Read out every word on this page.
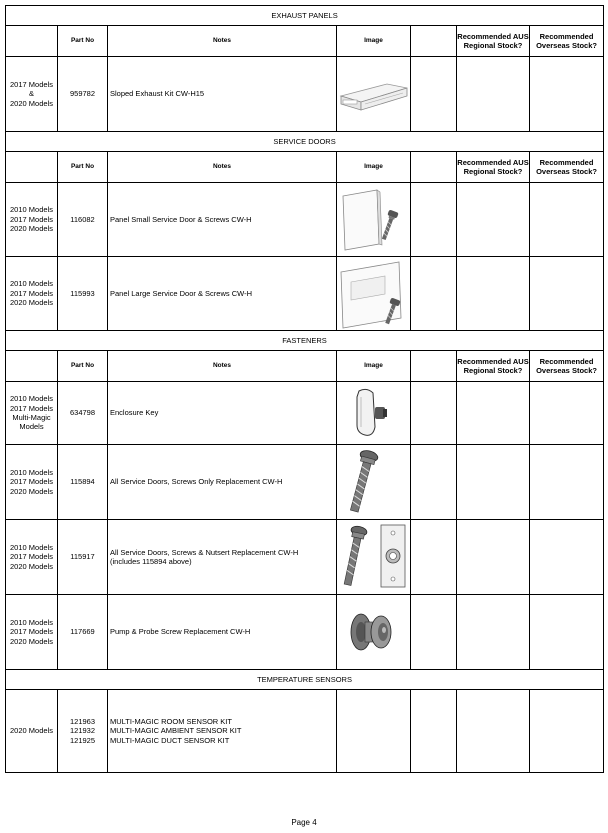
EXHAUST PANELS						
	Part No	Notes	Image		Recommended AUS Regional Stock?	Recommended Overseas Stock?
2017 Models
&
2020 Models	959782	Sloped Exhaust Kit CW-H15	

SERVICE DOORS						
	Part No	Notes	Image		Recommended AUS Regional Stock?	Recommended Overseas Stock?
2010 Models
2017 Models
2020 Models	116082	Panel Small Service Door & Screws CW-H	

2010 Models
2017 Models
2020 Models	115993	Panel Large Service Door & Screws CW-H	

FASTENERS						
	Part No	Notes	Image		Recommended AUS Regional Stock?	Recommended Overseas Stock?
2010 Models
2017 Models
Multi-Magic
Models	634798	Enclosure Key	

2010 Models
2017 Models
2020 Models	115894	All Service Doors, Screws Only Replacement CW-H	

2010 Models
2017 Models
2020 Models	115917	All Service Doors, Screws & Nutsert Replacement CW-H
(includes 115894 above)	

2010 Models
2017 Models
2020 Models	117669	Pump & Probe Screw Replacement CW-H	

TEMPERATURE SENSORS						
2020 Models	121963
121932
121925	MULTI-MAGIC ROOM SENSOR KIT
MULTI-MAGIC AMBIENT SENSOR KIT
MULTI-MAGIC DUCT SENSOR KIT				
Page 4
